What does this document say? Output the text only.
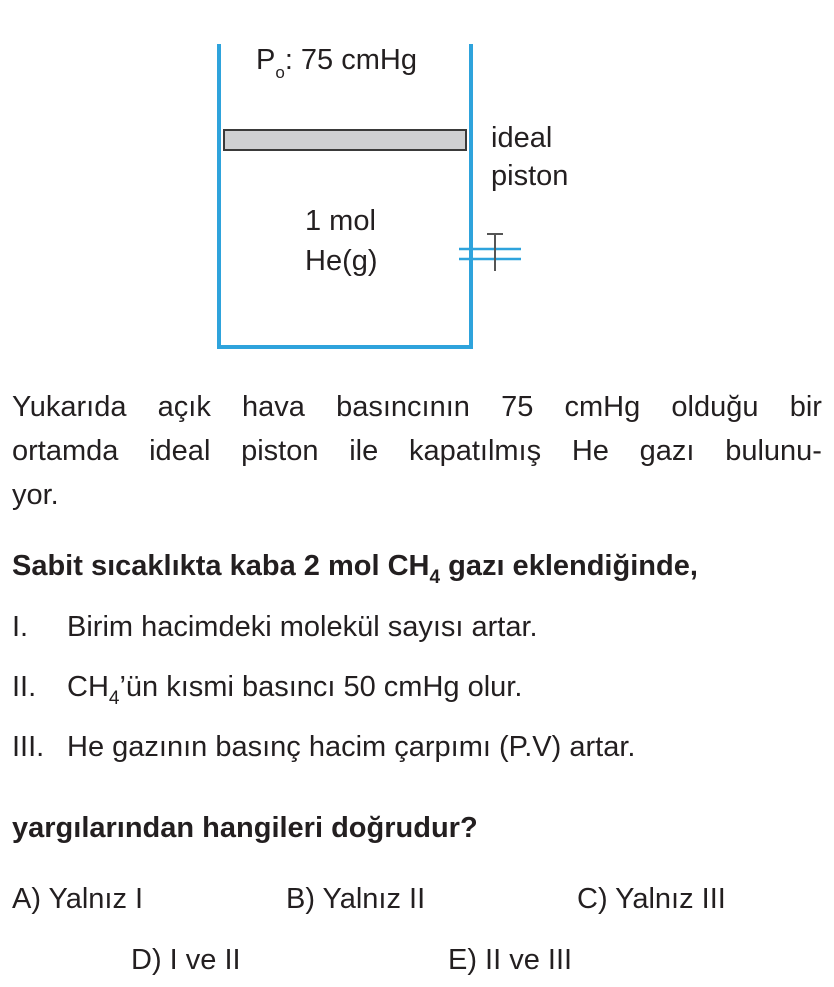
$P_o$: 75 cmHg
ideal
piston
1 mol
He(g)
Yukarıda açık hava basıncının 75 cmHg olduğu bir
ortamda ideal piston ile kapatılmış He gazı bulunu-
yor.
Sabit sıcaklıkta kaba 2 mol $CH_4$ gazı eklendiğinde,
I. Birim hacimdeki molekül sayısı artar.
II. $CH_4’ün$ kısmi basıncı 50 cmHg olur.
III. He gazının basınç hacim çarpımı (P.V) artar.
yargılarından hangileri doğrudur?
A) Yalnız I	B) Yalnız II	C) Yalnız III
D) I ve II	E) II ve III
